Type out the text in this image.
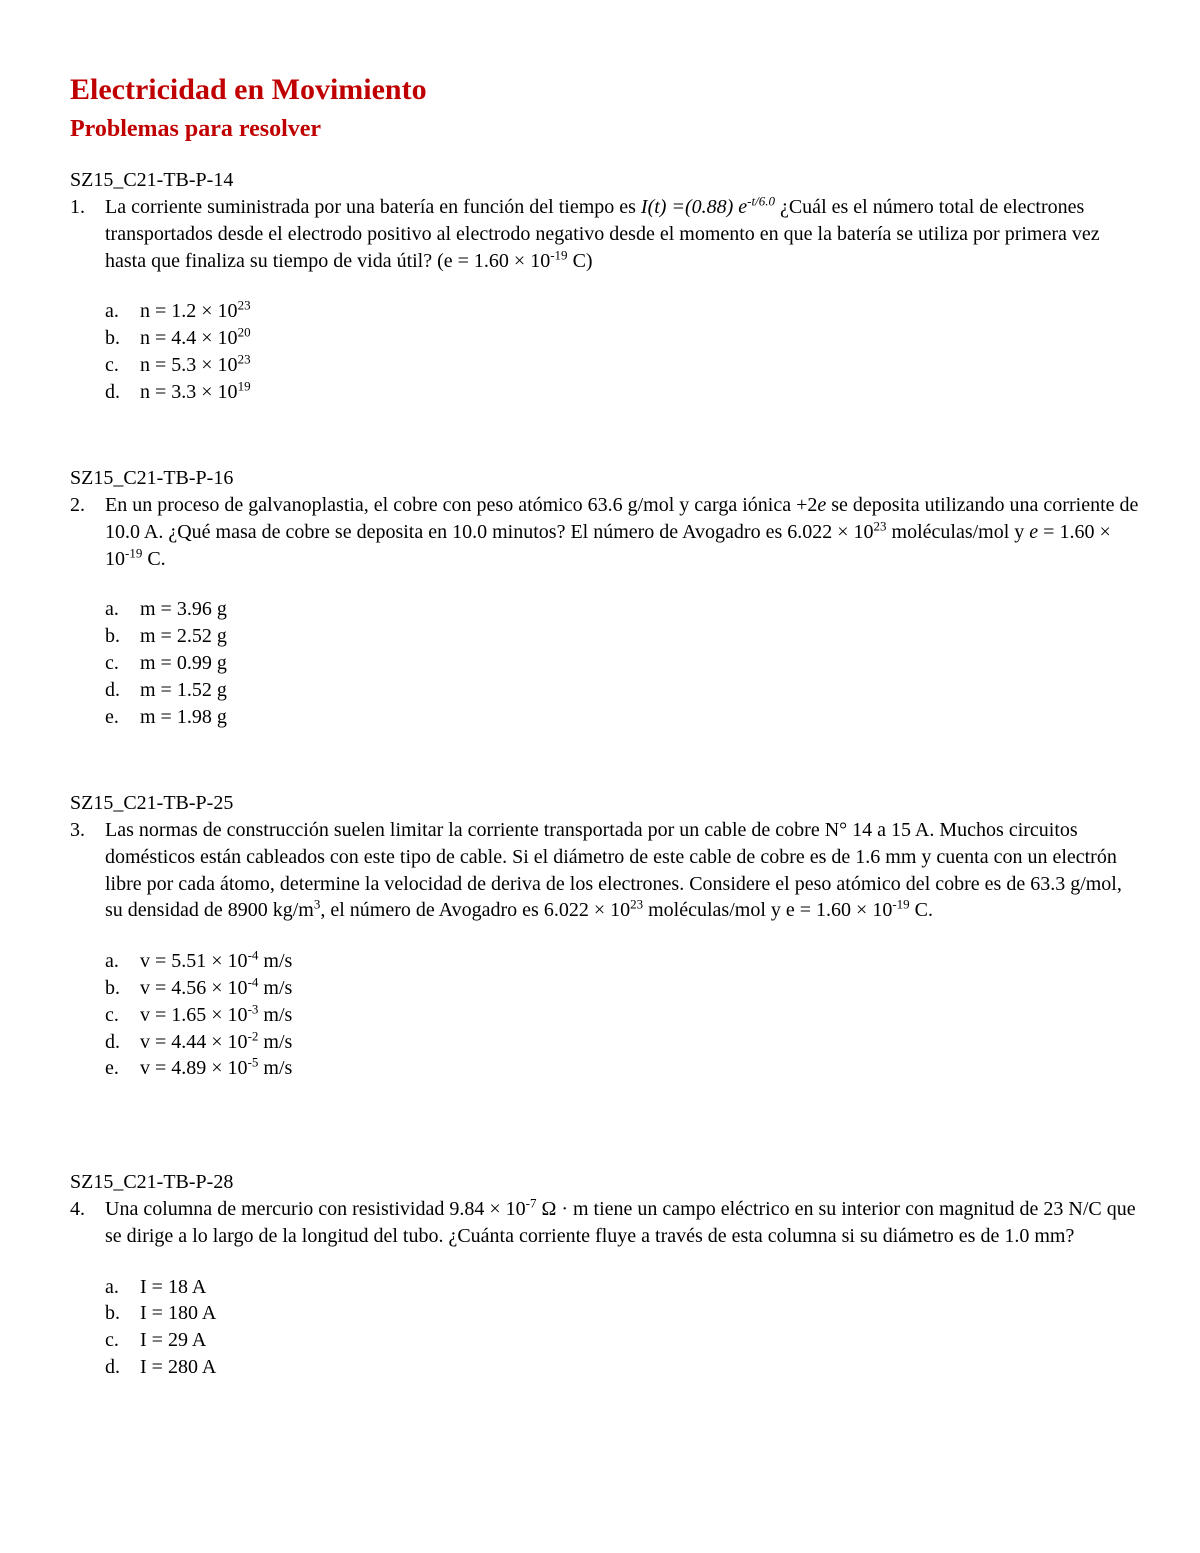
Electricidad en Movimiento
Problemas para resolver

SZ15_C21-TB-P-14

1. La corriente suministrada por una batería en función del tiempo es I(t) =(0.88) $e^{-t/6.0}$ ¿Cuál es el número total de electrones transportados desde el electrodo positivo al electrodo negativo desde el momento en que la batería se utiliza por primera vez hasta que finaliza su tiempo de vida útil? ($e = 1.60 \times 10^{-19}$ C)

a. $n = 1.2 \times 10^{23}$
b. $n = 4.4 \times 10^{20}$
c. $n = 5.3 \times 10^{23}$
d. $n = 3.3 \times 10^{19}$

SZ15_C21-TB-P-16

2. En un proceso de galvanoplastia, el cobre con peso atómico 63.6 g/mol y carga iónica +2e se deposita utilizando una corriente de 10.0 A. ¿Qué masa de cobre se deposita en 10.0 minutos? El número de Avogadro es $6.022 \times 10^{23}$ moléculas/mol y $e = 1.60 \times 10^{-19}$ C.

a. m = 3.96 g
b. m = 2.52 g
c. m = 0.99 g
d. m = 1.52 g
e. m = 1.98 g

SZ15_C21-TB-P-25

3. Las normas de construcción suelen limitar la corriente transportada por un cable de cobre N° 14 a 15 A. Muchos circuitos domésticos están cableados con este tipo de cable. Si el diámetro de este cable de cobre es de 1.6 mm y cuenta con un electrón libre por cada átomo, determine la velocidad de deriva de los electrones. Considere el peso atómico del cobre es de 63.3 g/mol, su densidad de 8900 $kg/m^3$, el número de Avogadro es $6.022 \times 10^{23}$ moléculas/mol y $e = 1.60 \times 10^{-19}$ C.

a. $v = 5.51 \times 10^{-4}$ m/s
b. $v = 4.56 \times 10^{-4}$ m/s
c. $v = 1.65 \times 10^{-3}$ m/s
d. $v = 4.44 \times 10^{-2}$ m/s
e. $v = 4.89 \times 10^{-5}$ m/s

SZ15_C21-TB-P-28

4. Una columna de mercurio con resistividad $9.84 \times 10^{-7}$ Ω · m tiene un campo eléctrico en su interior con magnitud de 23 N/C que se dirige a lo largo de la longitud del tubo. ¿Cuánta corriente fluye a través de esta columna si su diámetro es de 1.0 mm?

a. I = 18 A
b. I = 180 A
c. I = 29 A
d. I = 280 A
